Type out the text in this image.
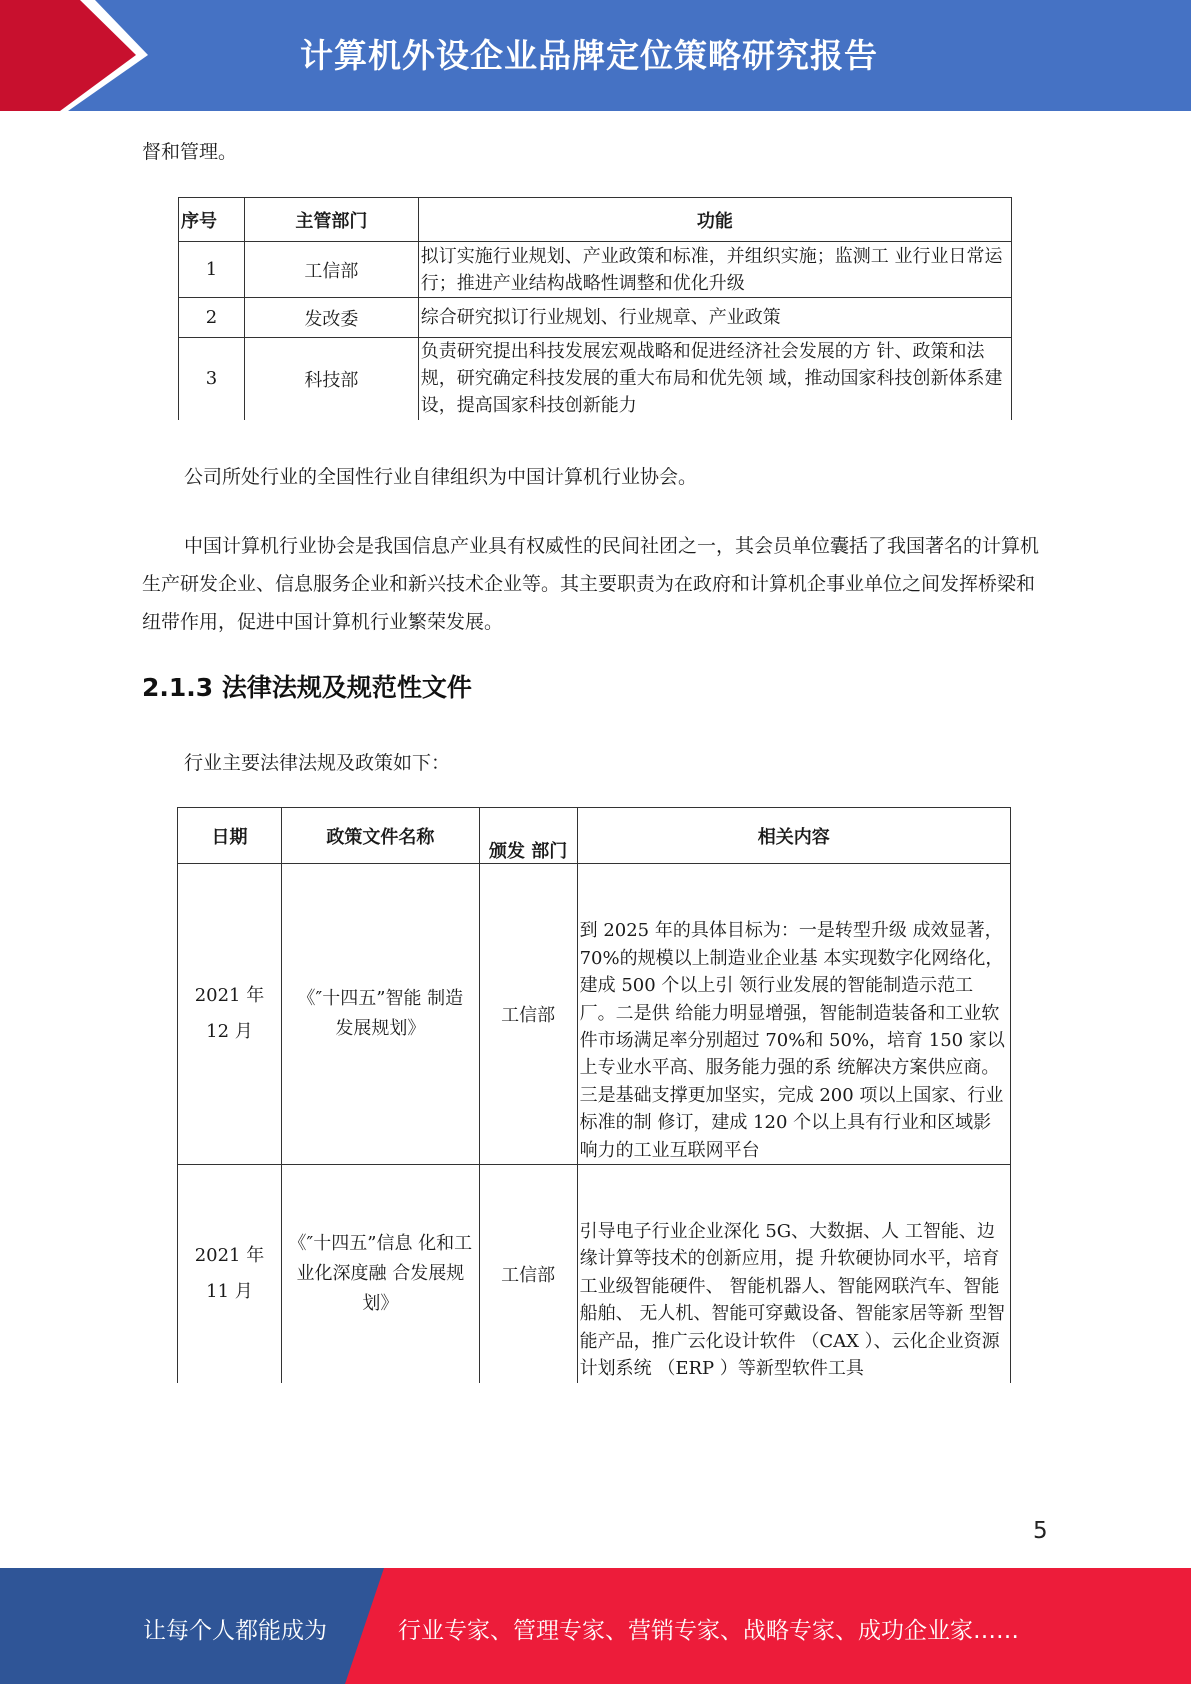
计算机外设企业品牌定位策略研究报告
督和管理。
序号	主管部门	功能
1	工信部	拟订实施行业规划、产业政策和标准，并组织实施；监测工 业行业日常运行；推进产业结构战略性调整和优化升级
2	发改委	综合研究拟订行业规划、行业规章、产业政策
3	科技部	负责研究提出科技发展宏观战略和促进经济社会发展的方 针、政策和法规，研究确定科技发展的重大布局和优先领 域，推动国家科技创新体系建设，提高国家科技创新能力
公司所处行业的全国性行业自律组织为中国计算机行业协会。
中国计算机行业协会是我国信息产业具有权威性的民间社团之一，其会员单位囊括了我国著名的计算机生产研发企业、信息服务企业和新兴技术企业等。其主要职责为在政府和计算机企事业单位之间发挥桥梁和纽带作用，促进中国计算机行业繁荣发展。
2.1.3 法律法规及规范性文件
行业主要法律法规及政策如下：
日期	政策文件名称	颁发 部门	相关内容
2021 年 12 月	《″十四五”智能 制造发展规划》	工信部	到 2025 年的具体目标为：一是转型升级 成效显著，70%的规模以上制造业企业基 本实现数字化网络化，建成 500 个以上引 领行业发展的智能制造示范工厂。二是供 给能力明显增强，智能制造装备和工业软 件市场满足率分别超过 70%和 50%，培育 150 家以上专业水平高、服务能力强的系 统解决方案供应商。三是基础支撑更加坚实，完成 200 项以上国家、行业标准的制 修订，建成 120 个以上具有行业和区域影 响力的工业互联网平台
2021 年 11 月	《″十四五”信息 化和工业化深度融 合发展规划》	工信部	引导电子行业企业深化 5G、大数据、人 工智能、边缘计算等技术的创新应用，提 升软硬协同水平，培育工业级智能硬件、 智能机器人、智能网联汽车、智能船舶、 无人机、智能可穿戴设备、智能家居等新 型智能产品，推广云化设计软件 （CAX ）、云化企业资源计划系统 （ERP ）等新型软件工具
5
让每个人都能成为	行业专家、管理专家、营销专家、战略专家、成功企业家……
